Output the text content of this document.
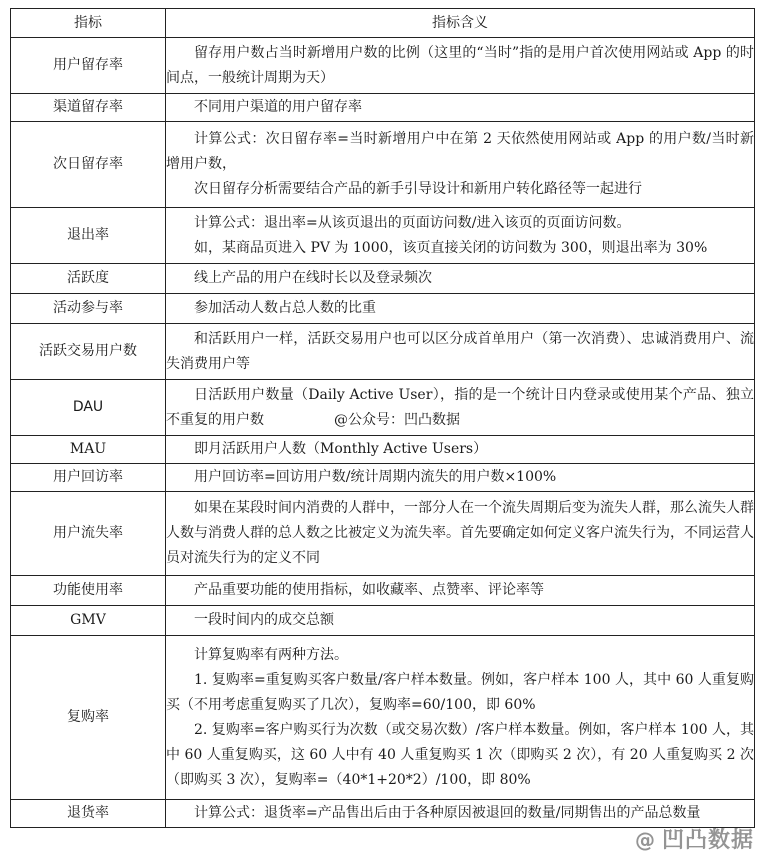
指标	指标含义
用户留存率	留存用户数占当时新增用户数的比例（这里的“当时”指的是用户首次使用网站或 App 的时间点，一般统计周期为天）

渠道留存率	不同用户渠道的用户留存率

次日留存率	计算公式：次日留存率=当时新增用户中在第 2 天依然使用网站或 App 的用户数/当时新增用户数，

次日留存分析需要结合产品的新手引导设计和新用户转化路径等一起进行

退出率	计算公式：退出率=从该页退出的页面访问数/进入该页的页面访问数。

如，某商品页进入 PV 为 1000，该页直接关闭的访问数为 300，则退出率为 30%

活跃度	线上产品的用户在线时长以及登录频次

活动参与率	参加活动人数占总人数的比重

活跃交易用户数	和活跃用户一样，活跃交易用户也可以区分成首单用户（第一次消费）、忠诚消费用户、流失消费用户等

DAU	日活跃用户数量（Daily Active User），指的是一个统计日内登录或使用某个产品、独立不重复的用户数 @公众号：凹凸数据

MAU	即月活跃用户人数（Monthly Active Users）

用户回访率	用户回访率=回访用户数/统计周期内流失的用户数×100%

用户流失率	如果在某段时间内消费的人群中，一部分人在一个流失周期后变为流失人群，那么流失人群人数与消费人群的总人数之比被定义为流失率。首先要确定如何定义客户流失行为，不同运营人员对流失行为的定义不同

功能使用率	产品重要功能的使用指标，如收藏率、点赞率、评论率等

GMV	一段时间内的成交总额

复购率	计算复购率有两种方法。

1. 复购率=重复购买客户数量/客户样本数量。例如，客户样本 100 人，其中 60 人重复购买（不用考虑重复购买了几次），复购率=60/100，即 60%

2. 复购率=客户购买行为次数（或交易次数）/客户样本数量。例如，客户样本 100 人，其中 60 人重复购买，这 60 人中有 40 人重复购买 1 次（即购买 2 次），有 20 人重复购买 2 次（即购买 3 次），复购率=（40*1+20*2）/100，即 80%

退货率	计算公式：退货率=产品售出后由于各种原因被退回的数量/同期售出的产品总数量

@ 凹凸数据
